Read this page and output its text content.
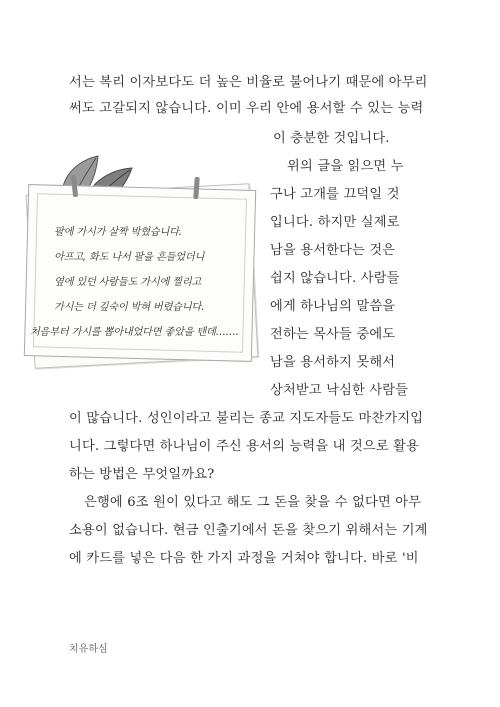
서는 복리 이자보다도 더 높은 비율로 불어나기 때문에 아무리
써도 고갈되지 않습니다. 이미 우리 안에 용서할 수 있는 능력
이 충분한 것입니다.
위의 글을 읽으면 누
구나 고개를 끄덕일 것
입니다. 하지만 실제로
남을 용서한다는 것은
쉽지 않습니다. 사람들
에게 하나님의 말씀을
전하는 목사들 중에도
남을 용서하지 못해서
상처받고 낙심한 사람들
이 많습니다. 성인이라고 불리는 종교 지도자들도 마찬가지입
니다. 그렇다면 하나님이 주신 용서의 능력을 내 것으로 활용
하는 방법은 무엇일까요?
은행에 6조 원이 있다고 해도 그 돈을 찾을 수 없다면 아무
소용이 없습니다. 현금 인출기에서 돈을 찾으기 위해서는 기계
에 카드를 넣은 다음 한 가지 과정을 거쳐야 합니다. 바로 '비
팔에 가시가 살짝 박혔습니다.
아프고, 화도 나서 팔을 흔들었더니
옆에 있던 사람들도 가시에 찔리고
가시는 더 깊숙이 박혀 버렸습니다.
처음부터 가시를 뽑아내었다면 좋았을 텐데…….
치유하심
